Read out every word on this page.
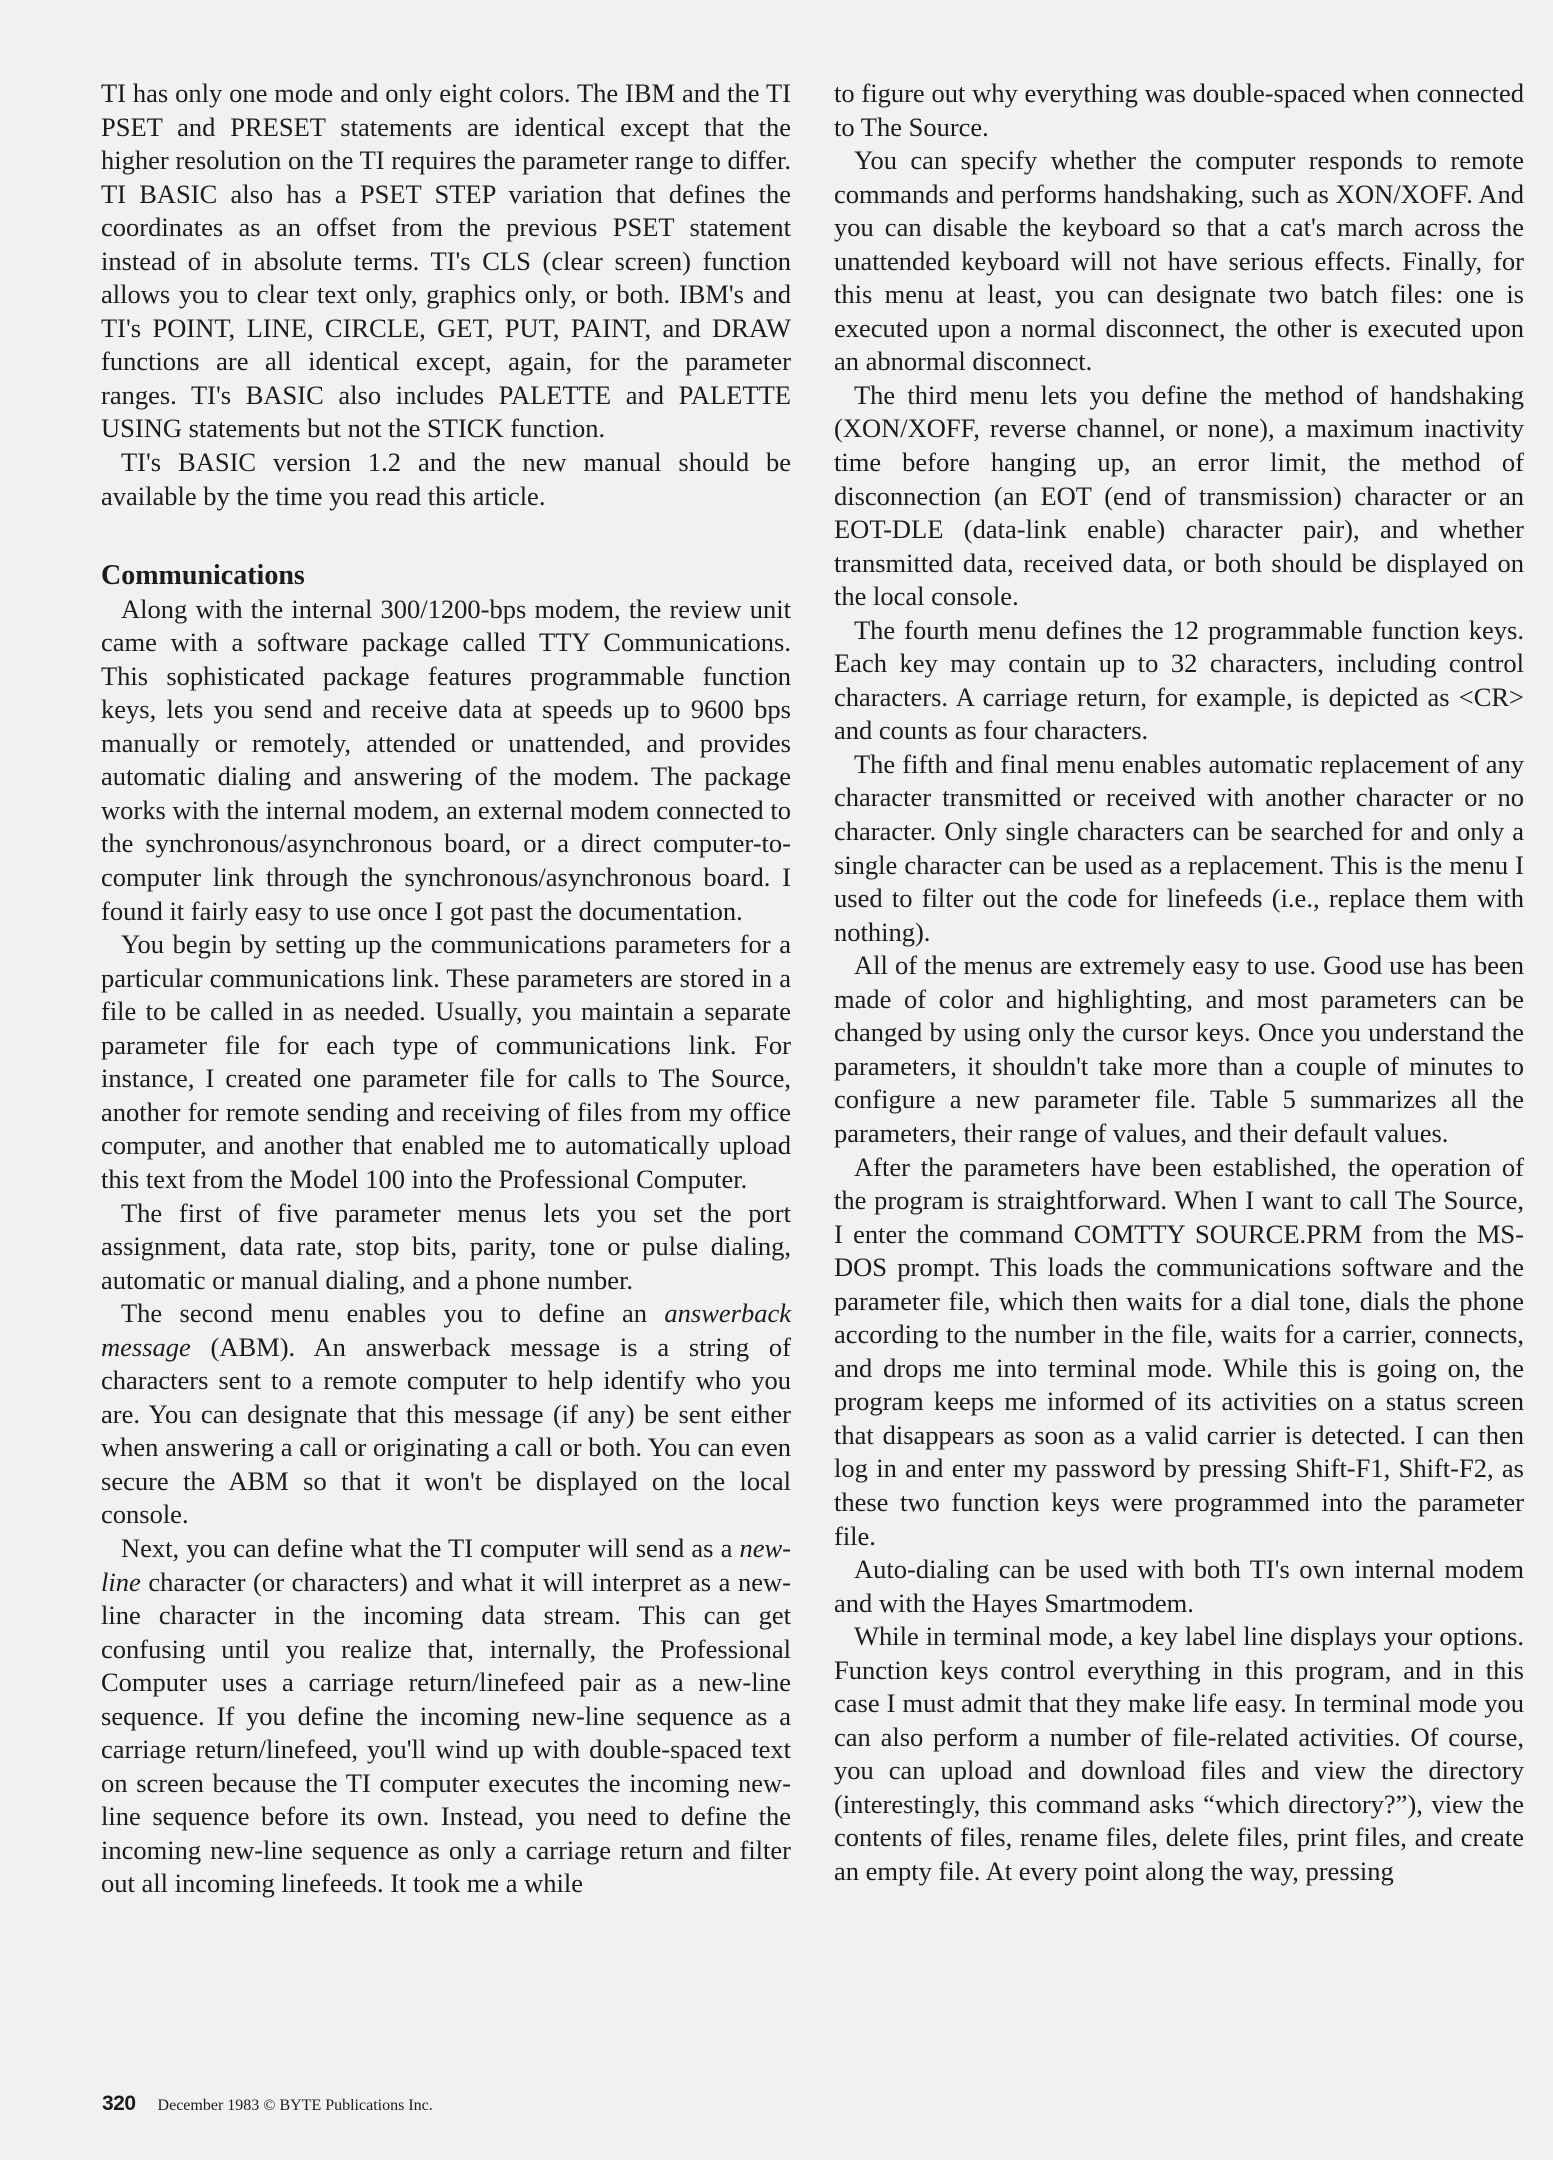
TI has only one mode and only eight colors. The IBM and the TI PSET and PRESET statements are identical except that the higher resolution on the TI requires the parameter range to differ. TI BASIC also has a PSET STEP variation that defines the coordinates as an offset from the previous PSET statement instead of in absolute terms. TI's CLS (clear screen) function allows you to clear text only, graphics only, or both. IBM's and TI's POINT, LINE, CIRCLE, GET, PUT, PAINT, and DRAW functions are all identical except, again, for the parameter ranges. TI's BASIC also includes PALETTE and PALETTE USING statements but not the STICK function.

TI's BASIC version 1.2 and the new manual should be available by the time you read this article.

Communications

Along with the internal 300/1200-bps modem, the review unit came with a software package called TTY Communications. This sophisticated package features programmable function keys, lets you send and receive data at speeds up to 9600 bps manually or remotely, attended or unattended, and provides automatic dialing and answering of the modem. The package works with the internal modem, an external modem connected to the synchronous/asynchronous board, or a direct computer-to-computer link through the synchronous/asynchronous board. I found it fairly easy to use once I got past the documentation.

You begin by setting up the communications parameters for a particular communications link. These parameters are stored in a file to be called in as needed. Usually, you maintain a separate parameter file for each type of communications link. For instance, I created one parameter file for calls to The Source, another for remote sending and receiving of files from my office computer, and another that enabled me to automatically upload this text from the Model 100 into the Professional Computer.

The first of five parameter menus lets you set the port assignment, data rate, stop bits, parity, tone or pulse dialing, automatic or manual dialing, and a phone number.

The second menu enables you to define an answerback message (ABM). An answerback message is a string of characters sent to a remote computer to help identify who you are. You can designate that this message (if any) be sent either when answering a call or originating a call or both. You can even secure the ABM so that it won't be displayed on the local console.

Next, you can define what the TI computer will send as a new-line character (or characters) and what it will interpret as a new-line character in the incoming data stream. This can get confusing until you realize that, internally, the Professional Computer uses a carriage return/linefeed pair as a new-line sequence. If you define the incoming new-line sequence as a carriage return/linefeed, you'll wind up with double-spaced text on screen because the TI computer executes the incoming new-line sequence before its own. Instead, you need to define the incoming new-line sequence as only a carriage return and filter out all incoming linefeeds. It took me a while

to figure out why everything was double-spaced when connected to The Source.

You can specify whether the computer responds to remote commands and performs handshaking, such as XON/XOFF. And you can disable the keyboard so that a cat's march across the unattended keyboard will not have serious effects. Finally, for this menu at least, you can designate two batch files: one is executed upon a normal disconnect, the other is executed upon an abnormal disconnect.

The third menu lets you define the method of handshaking (XON/XOFF, reverse channel, or none), a maximum inactivity time before hanging up, an error limit, the method of disconnection (an EOT (end of transmission) character or an EOT-DLE (data-link enable) character pair), and whether transmitted data, received data, or both should be displayed on the local console.

The fourth menu defines the 12 programmable function keys. Each key may contain up to 32 characters, including control characters. A carriage return, for example, is depicted as <CR> and counts as four characters.

The fifth and final menu enables automatic replacement of any character transmitted or received with another character or no character. Only single characters can be searched for and only a single character can be used as a replacement. This is the menu I used to filter out the code for linefeeds (i.e., replace them with nothing).

All of the menus are extremely easy to use. Good use has been made of color and highlighting, and most parameters can be changed by using only the cursor keys. Once you understand the parameters, it shouldn't take more than a couple of minutes to configure a new parameter file. Table 5 summarizes all the parameters, their range of values, and their default values.

After the parameters have been established, the operation of the program is straightforward. When I want to call The Source, I enter the command COMTTY SOURCE.PRM from the MS-DOS prompt. This loads the communications software and the parameter file, which then waits for a dial tone, dials the phone according to the number in the file, waits for a carrier, connects, and drops me into terminal mode. While this is going on, the program keeps me informed of its activities on a status screen that disappears as soon as a valid carrier is detected. I can then log in and enter my password by pressing Shift-F1, Shift-F2, as these two function keys were programmed into the parameter file.

Auto-dialing can be used with both TI's own internal modem and with the Hayes Smartmodem.

While in terminal mode, a key label line displays your options. Function keys control everything in this program, and in this case I must admit that they make life easy. In terminal mode you can also perform a number of file-related activities. Of course, you can upload and download files and view the directory (interestingly, this command asks “which directory?”), view the contents of files, rename files, delete files, print files, and create an empty file. At every point along the way, pressing

320 December 1983 © BYTE Publications Inc.
